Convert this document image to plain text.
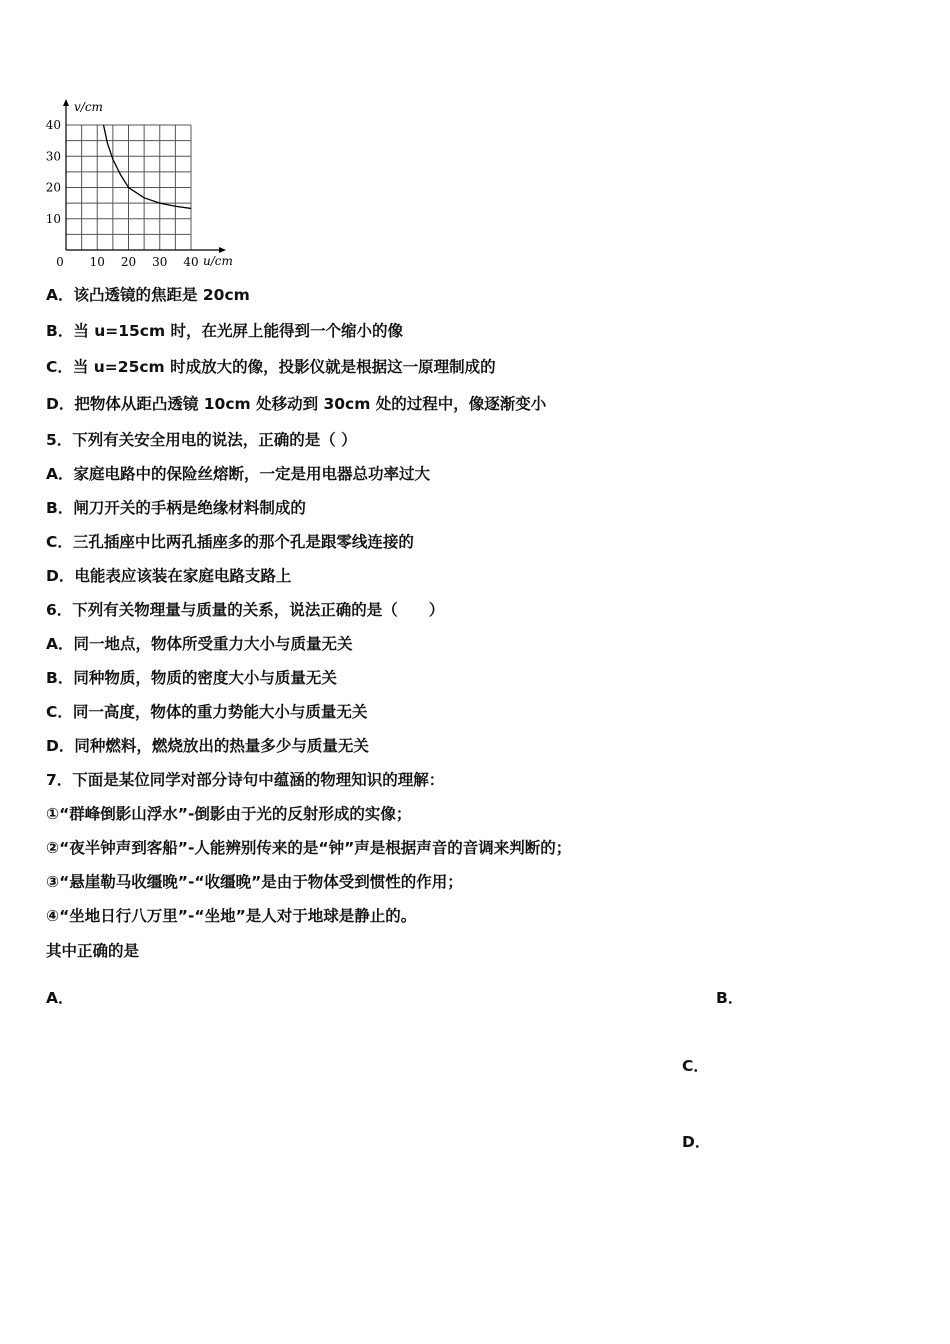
v/cm
u/cm
10
20
30
40
0 10 20 30 40
A．该凸透镜的焦距是 20cm
B．当 u=15cm 时，在光屏上能得到一个缩小的像
C．当 u=25cm 时成放大的像，投影仪就是根据这一原理制成的
D．把物体从距凸透镜 10cm 处移动到 30cm 处的过程中，像逐渐变小
5．下列有关安全用电的说法，正确的是（ ）
A．家庭电路中的保险丝熔断，一定是用电器总功率过大
B．闸刀开关的手柄是绝缘材料制成的
C．三孔插座中比两孔插座多的那个孔是跟零线连接的
D．电能表应该装在家庭电路支路上
6．下列有关物理量与质量的关系，说法正确的是（　　）
A．同一地点，物体所受重力大小与质量无关
B．同种物质，物质的密度大小与质量无关
C．同一高度，物体的重力势能大小与质量无关
D．同种燃料，燃烧放出的热量多少与质量无关
7．下面是某位同学对部分诗句中蕴涵的物理知识的理解：
①“群峰倒影山浮水”-倒影由于光的反射形成的实像；
②“夜半钟声到客船”-人能辨别传来的是“钟”声是根据声音的音调来判断的；
③“悬崖勒马收缰晚”-“收缰晚”是由于物体受到惯性的作用；
④“坐地日行八万里”-“坐地”是人对于地球是静止的。
其中正确的是
A．	B．
C．
D．
